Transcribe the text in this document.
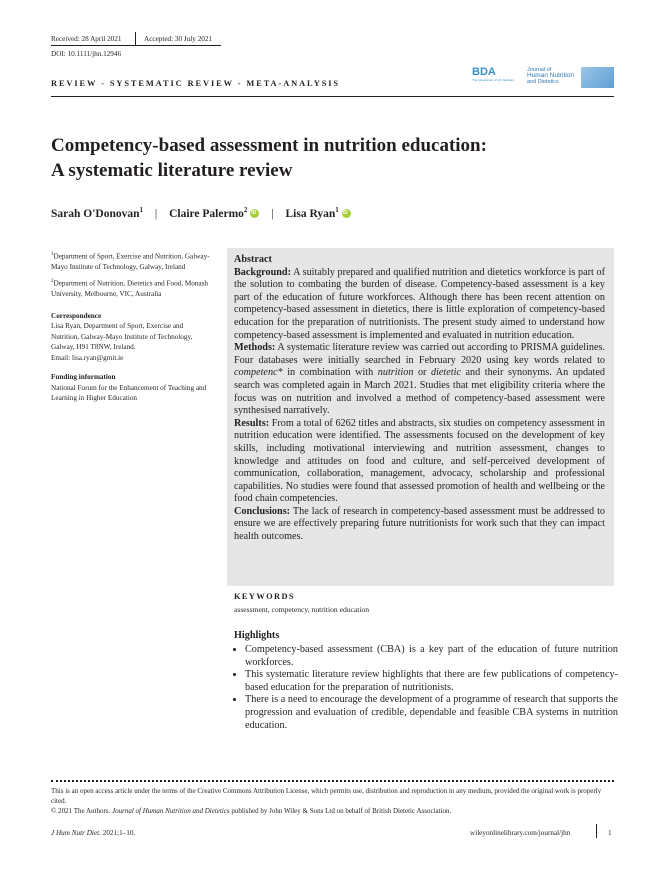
Received: 28 April 2021	Accepted: 30 July 2021
DOI: 10.1111/jhn.12946
REVIEW - SYSTEMATIC REVIEW - META-ANALYSIS
BDA
The Association of UK Dietitians
Journal of
Human Nutrition
and Dietetics
Competency-based assessment in nutrition education:
A systematic literature review
Sarah O'Donovan$^1$ | Claire Palermo$^2$iD | Lisa Ryan$^1$iD
$^1$Department of Sport, Exercise and Nutrition, Galway-Mayo Institute of Technology, Galway, Ireland
$^2$Department of Nutrition, Dietetics and Food, Monash University, Melbourne, VIC, Australia
Correspondence
Lisa Ryan, Department of Sport, Exercise and Nutrition, Galway-Mayo Institute of Technology, Galway, H91 T8NW, Ireland.
Email: lisa.ryan@gmit.ie
Funding information
National Forum for the Enhancement of Teaching and Learning in Higher Education
Abstract

Background: A suitably prepared and qualified nutrition and dietetics workforce is part of the solution to combating the burden of disease. Competency-based assessment is a key part of the education of future workforces. Although there has been recent attention on competency-based assessment in dietetics, there is little exploration of competency-based education for the preparation of nutritionists. The present study aimed to understand how competency-based assessment is implemented and evaluated in nutrition education.

Methods: A systematic literature review was carried out according to PRISMA guidelines. Four databases were initially searched in February 2020 using key words related to competenc* in combination with nutrition or dietetic and their synonyms. An updated search was completed again in March 2021. Studies that met eligibility criteria where the focus was on nutrition and involved a method of competency-based assessment were synthesised narratively.

Results: From a total of 6262 titles and abstracts, six studies on competency assessment in nutrition education were identified. The assessments focused on the development of key skills, including motivational interviewing and nutrition assessment, changes to knowledge and attitudes on food and culture, and self-perceived development of communication, collaboration, management, advocacy, scholarship and professional capabilities. No studies were found that assessed promotion of health and wellbeing or the food chain competencies.

Conclusions: The lack of research in competency-based assessment must be addressed to ensure we are effectively preparing future nutritionists for work such that they can impact health outcomes.

KEYWORDS
assessment, competency, nutrition education
Highlights
• Competency-based assessment (CBA) is a key part of the education of future nutrition workforces.
• This systematic literature review highlights that there are few publications of competency-based education for the preparation of nutritionists.
• There is a need to encourage the development of a programme of research that supports the progression and evaluation of credible, dependable and feasible CBA systems in nutrition education.
This is an open access article under the terms of the Creative Commons Attribution License, which permits use, distribution and reproduction in any medium, provided the original work is properly cited.
© 2021 The Authors. Journal of Human Nutrition and Dietetics published by John Wiley & Sons Ltd on behalf of British Dietetic Association.
J Hum Nutr Diet. 2021;1–10.	wileyonlinelibrary.com/journal/jhn	1
